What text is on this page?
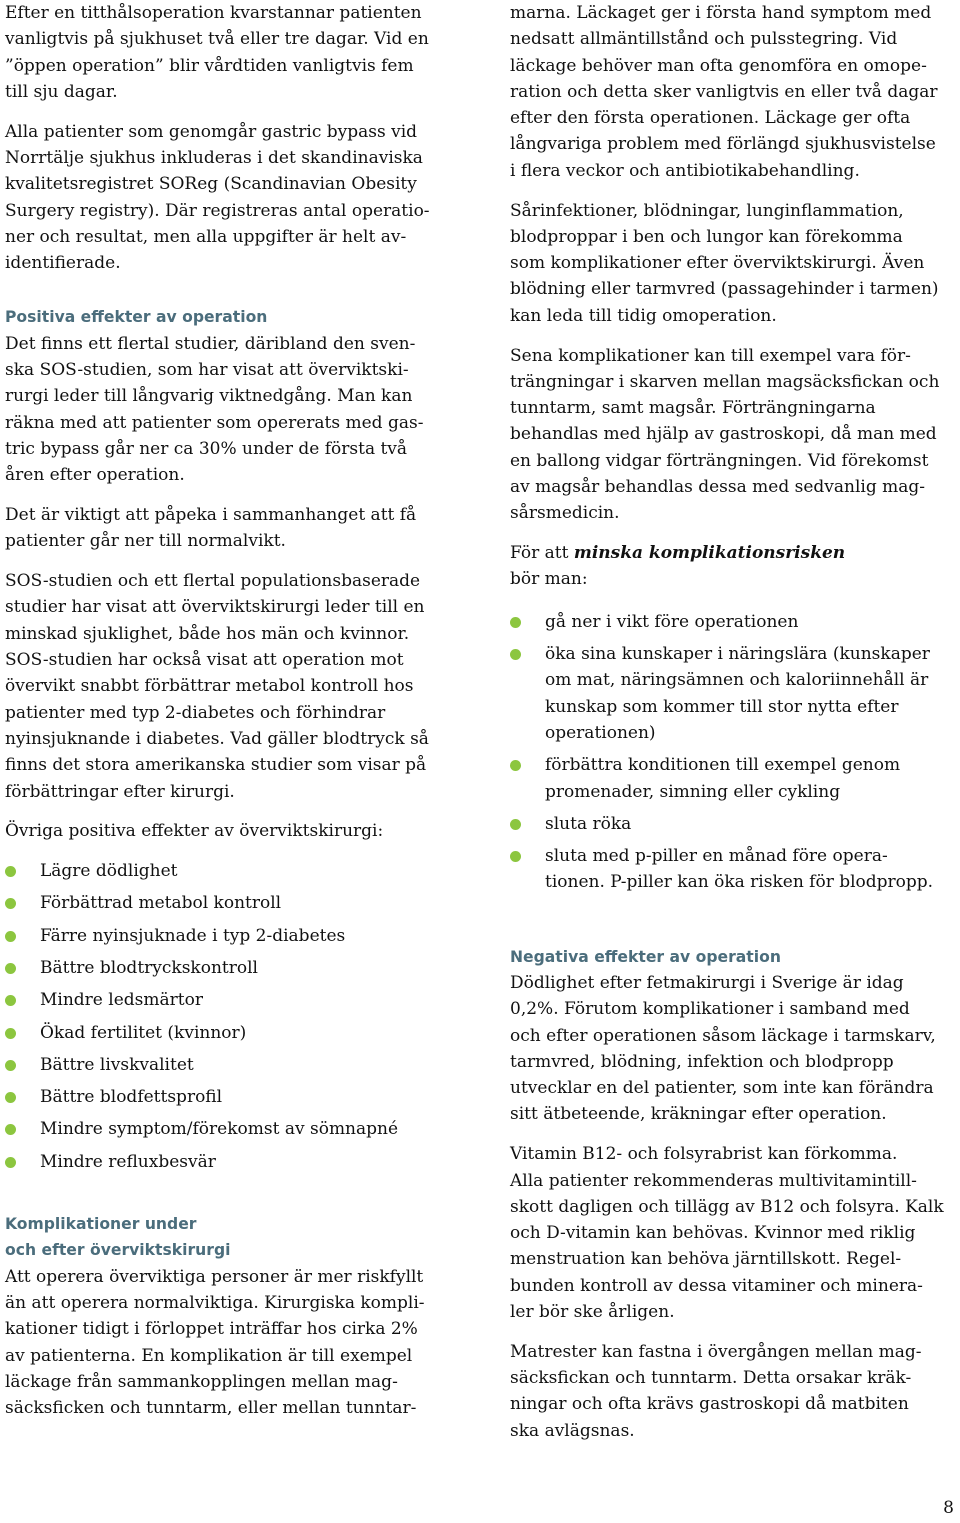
Efter en titthålsoperation kvarstannar patienten
vanligtvis på sjukhuset två eller tre dagar. Vid en
”öppen operation” blir vårdtiden vanligtvis fem
till sju dagar.

Alla patienter som genomgår gastric bypass vid
Norrtälje sjukhus inkluderas i det skandinaviska
kvalitetsregistret SOReg (Scandinavian Obesity
Surgery registry). Där registreras antal operatio-
ner och resultat, men alla uppgifter är helt av-
identifierade.

Positiva effekter av operation

Det finns ett flertal studier, däribland den sven-
ska SOS-studien, som har visat att överviktski-
rurgi leder till långvarig viktnedgång. Man kan
räkna med att patienter som opererats med gas-
tric bypass går ner ca 30% under de första två
åren efter operation.

Det är viktigt att påpeka i sammanhanget att få
patienter går ner till normalvikt.

SOS-studien och ett flertal populationsbaserade
studier har visat att överviktskirurgi leder till en
minskad sjuklighet, både hos män och kvinnor.
SOS-studien har också visat att operation mot
övervikt snabbt förbättrar metabol kontroll hos
patienter med typ 2-diabetes och förhindrar
nyinsjuknande i diabetes. Vad gäller blodtryck så
finns det stora amerikanska studier som visar på
förbättringar efter kirurgi.

Övriga positiva effekter av överviktskirurgi:

Lägre dödlighet
Förbättrad metabol kontroll
Färre nyinsjuknade i typ 2-diabetes
Bättre blodtryckskontroll
Mindre ledsmärtor
Ökad fertilitet (kvinnor)
Bättre livskvalitet
Bättre blodfettsprofil
Mindre symptom/förekomst av sömnapné
Mindre refluxbesvär
Komplikationer under
och efter överviktskirurgi

Att operera överviktiga personer är mer riskfyllt
än att operera normalviktiga. Kirurgiska kompli-
kationer tidigt i förloppet inträffar hos cirka 2%
av patienterna. En komplikation är till exempel
läckage från sammankopplingen mellan mag-
säcksficken och tunntarm, eller mellan tunntar-

marna. Läckaget ger i första hand symptom med
nedsatt allmäntillstånd och pulsstegring. Vid
läckage behöver man ofta genomföra en omope-
ration och detta sker vanligtvis en eller två dagar
efter den första operationen. Läckage ger ofta
långvariga problem med förlängd sjukhusvistelse
i flera veckor och antibiotikabehandling.

Sårinfektioner, blödningar, lunginflammation,
blodproppar i ben och lungor kan förekomma
som komplikationer efter överviktskirurgi. Även
blödning eller tarmvred (passagehinder i tarmen)
kan leda till tidig omoperation.

Sena komplikationer kan till exempel vara för-
trängningar i skarven mellan magsäcksfickan och
tunntarm, samt magsår. Förträngningarna
behandlas med hjälp av gastroskopi, då man med
en ballong vidgar förträngningen. Vid förekomst
av magsår behandlas dessa med sedvanlig mag-
sårsmedicin.

För att minska komplikationsrisken
bör man:

gå ner i vikt före operationen
öka sina kunskaper i näringslära (kunskaper
om mat, näringsämnen och kaloriinnehåll är
kunskap som kommer till stor nytta efter
operationen)
förbättra konditionen till exempel genom
promenader, simning eller cykling
sluta röka
sluta med p-piller en månad före opera-
tionen. P-piller kan öka risken för blodpropp.
Negativa effekter av operation

Dödlighet efter fetmakirurgi i Sverige är idag
0,2%. Förutom komplikationer i samband med
och efter operationen såsom läckage i tarmskarv,
tarmvred, blödning, infektion och blodpropp
utvecklar en del patienter, som inte kan förändra
sitt ätbeteende, kräkningar efter operation.

Vitamin B12- och folsyrabrist kan förkomma.
Alla patienter rekommenderas multivitamintill-
skott dagligen och tillägg av B12 och folsyra. Kalk
och D-vitamin kan behövas. Kvinnor med riklig
menstruation kan behöva järntillskott. Regel-
bunden kontroll av dessa vitaminer och minera-
ler bör ske årligen.

Matrester kan fastna i övergången mellan mag-
säcksfickan och tunntarm. Detta orsakar kräk-
ningar och ofta krävs gastroskopi då matbiten
ska avlägsnas.

8
